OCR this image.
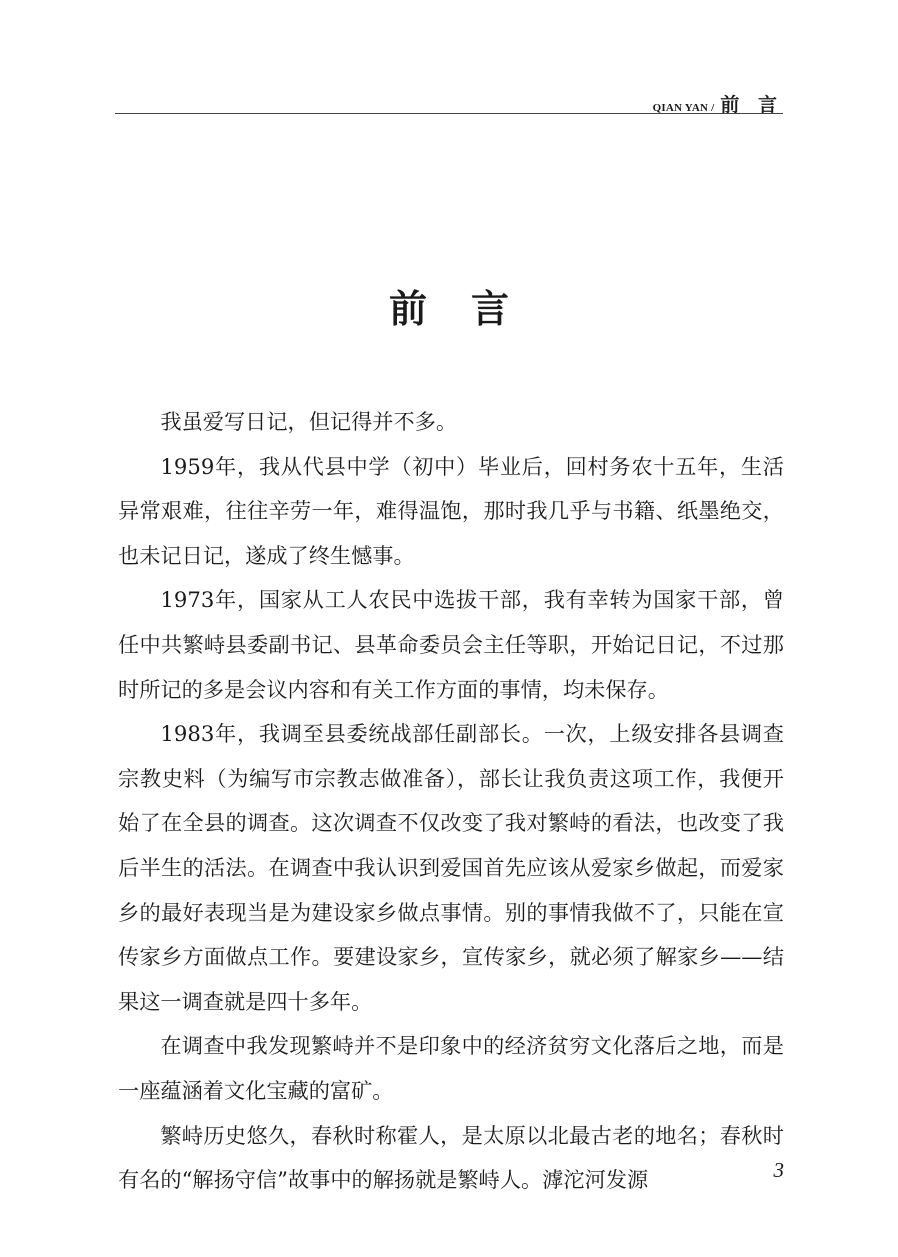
QIAN YAN / 前 言
前言

我虽爱写日记，但记得并不多。

1959年，我从代县中学（初中）毕业后，回村务农十五年，生活异常艰难，往往辛劳一年，难得温饱，那时我几乎与书籍、纸墨绝交，也未记日记，遂成了终生憾事。

1973年，国家从工人农民中选拔干部，我有幸转为国家干部，曾任中共繁峙县委副书记、县革命委员会主任等职，开始记日记，不过那时所记的多是会议内容和有关工作方面的事情，均未保存。

1983年，我调至县委统战部任副部长。一次，上级安排各县调查宗教史料（为编写市宗教志做准备），部长让我负责这项工作，我便开始了在全县的调查。这次调查不仅改变了我对繁峙的看法，也改变了我后半生的活法。在调查中我认识到爱国首先应该从爱家乡做起，而爱家乡的最好表现当是为建设家乡做点事情。别的事情我做不了，只能在宣传家乡方面做点工作。要建设家乡，宣传家乡，就必须了解家乡——结果这一调查就是四十多年。

在调查中我发现繁峙并不是印象中的经济贫穷文化落后之地，而是一座蕴涵着文化宝藏的富矿。

繁峙历史悠久，春秋时称霍人，是太原以北最古老的地名；春秋时有名的“解扬守信”故事中的解扬就是繁峙人。滹沱河发源	3
